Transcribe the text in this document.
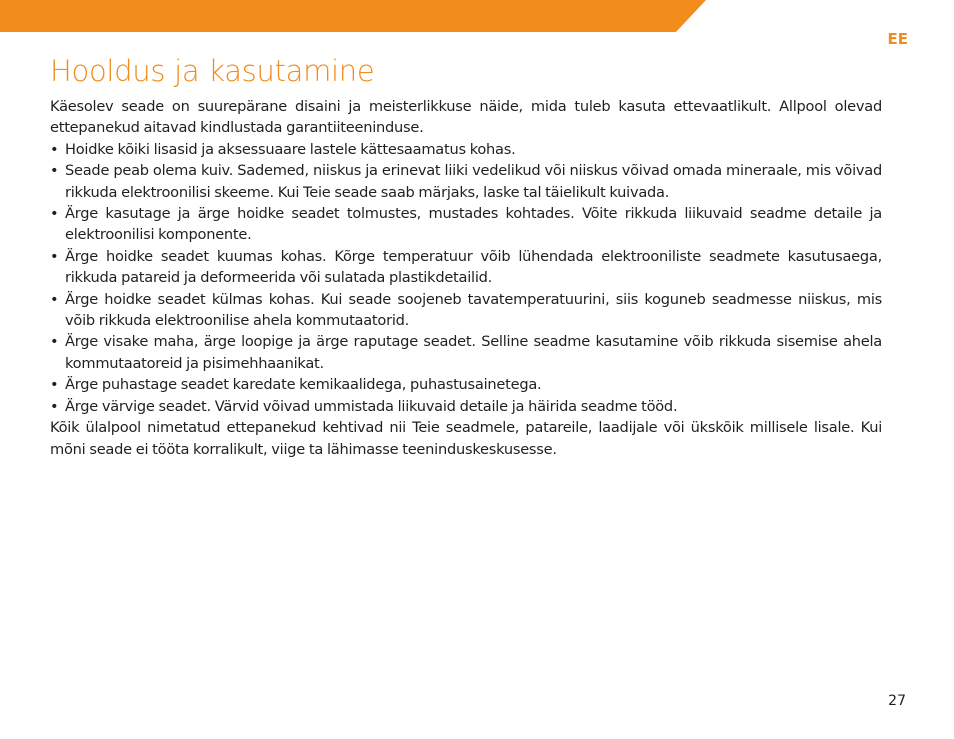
EE
Hooldus ja kasutamine

Käesolev seade on suurepärane disaini ja meisterlikkuse näide, mida tuleb kasuta ettevaatlikult. Allpool olevad ettepanekud aitavad kindlustada garantiiteeninduse.

• Hoidke kõiki lisasid ja aksessuaare lastele kättesaamatus kohas.
• Seade peab olema kuiv. Sademed, niiskus ja erinevat liiki vedelikud või niiskus võivad omada mineraale, mis võivad rikkuda elektroonilisi skeeme. Kui Teie seade saab märjaks, laske tal täielikult kuivada.
• Ärge kasutage ja ärge hoidke seadet tolmustes, mustades kohtades. Võite rikkuda liikuvaid seadme detaile ja elektroonilisi komponente.
• Ärge hoidke seadet kuumas kohas. Kõrge temperatuur võib lühendada elektrooniliste seadmete kasutusaega, rikkuda patareid ja deformeerida või sulatada plastikdetailid.
• Ärge hoidke seadet külmas kohas. Kui seade soojeneb tavatemperatuurini, siis koguneb seadmesse niiskus, mis võib rikkuda elektroonilise ahela kommutaatorid.
• Ärge visake maha, ärge loopige ja ärge raputage seadet. Selline seadme kasutamine võib rikkuda sisemise ahela kommutaatoreid ja pisimehhaanikat.
• Ärge puhastage seadet karedate kemikaalidega, puhastusainetega.
• Ärge värvige seadet. Värvid võivad ummistada liikuvaid detaile ja häirida seadme tööd.

Kõik ülalpool nimetatud ettepanekud kehtivad nii Teie seadmele, patareile, laadijale või ükskõik millisele lisale. Kui mõni seade ei tööta korralikult, viige ta lähimasse teeninduskeskusesse.

27
